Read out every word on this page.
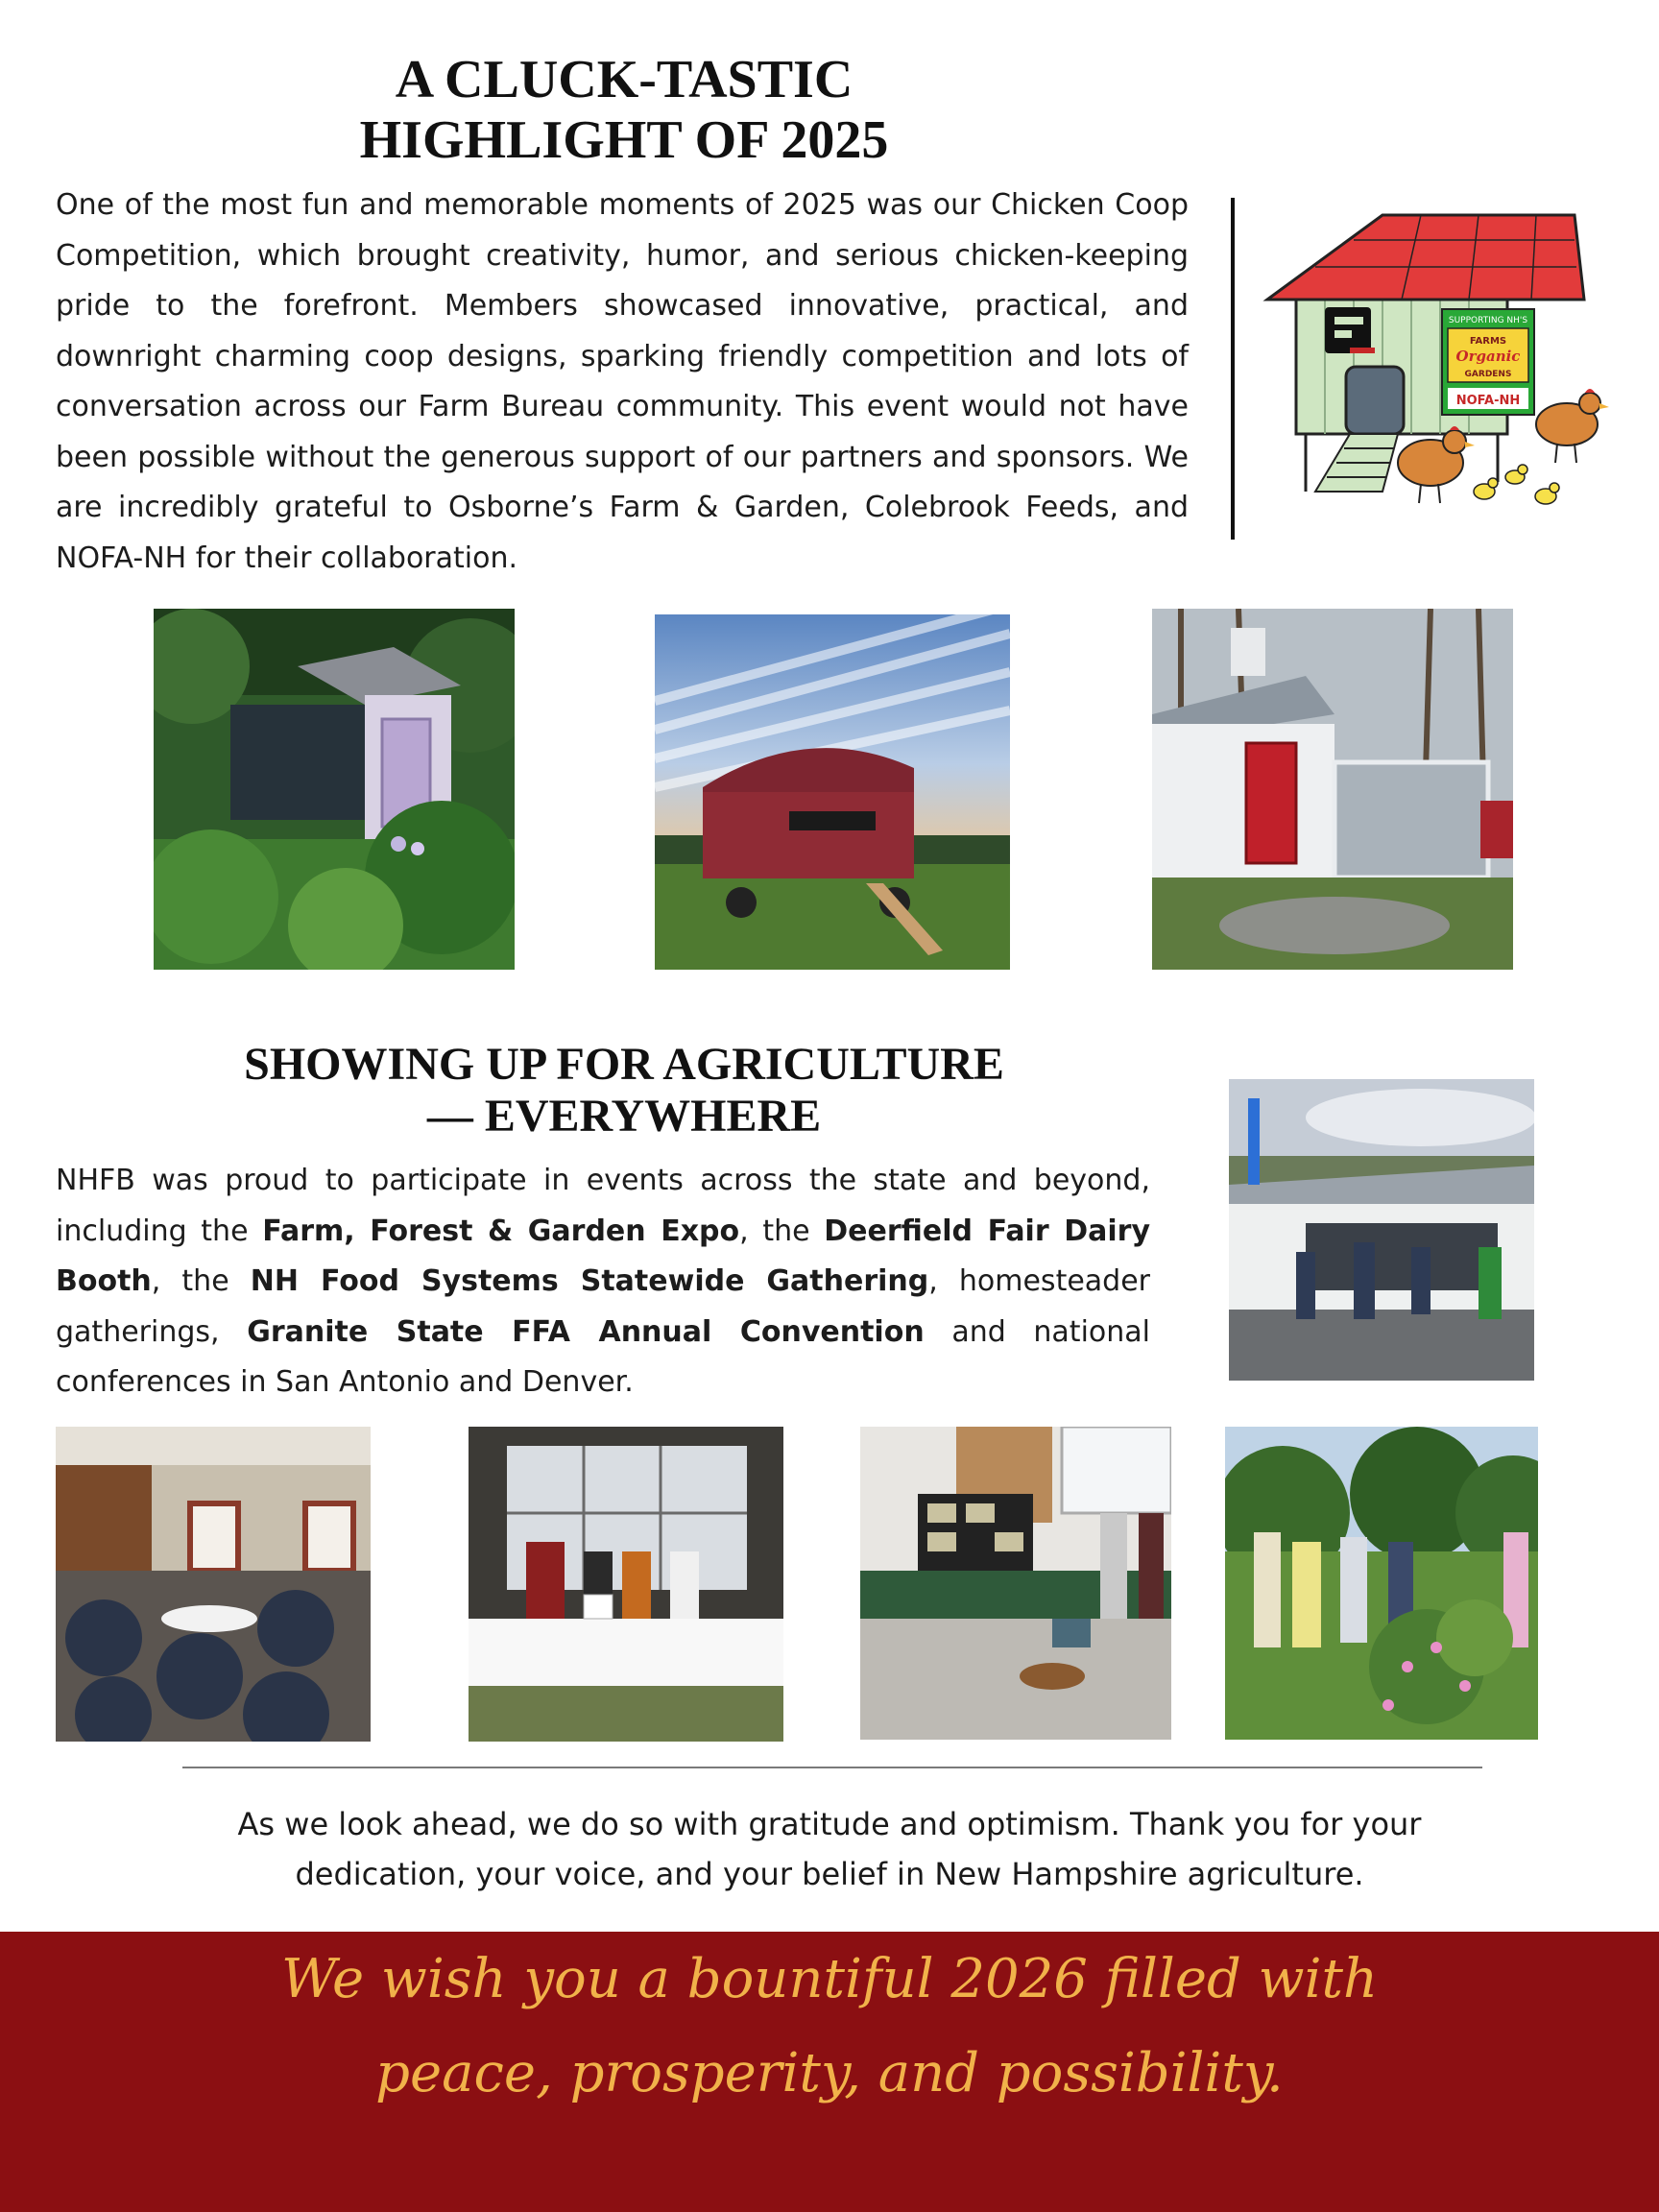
A CLUCK-TASTIC
HIGHLIGHT OF 2025

One of the most fun and memorable moments of 2025 was our Chicken Coop Competition, which brought creativity, humor, and serious chicken-keeping pride to the forefront. Members showcased innovative, practical, and downright charming coop designs, sparking friendly competition and lots of conversation across our Farm Bureau community. This event would not have been possible without the generous support of our partners and sponsors. We are incredibly grateful to Osborne’s Farm & Garden, Colebrook Feeds, and NOFA-NH for their collaboration.

SUPPORTING NH'S
FARMS
Organic
GARDENS
NOFA-NH
SHOWING UP FOR AGRICULTURE
— EVERYWHERE

NHFB was proud to participate in events across the state and beyond, including the Farm, Forest & Garden Expo, the Deerfield Fair Dairy Booth, the NH Food Systems Statewide Gathering, homesteader gatherings, Granite State FFA Annual Convention and national conferences in San Antonio and Denver.

As we look ahead, we do so with gratitude and optimism. Thank you for your
dedication, your voice, and your belief in New Hampshire agriculture.

We wish you a bountiful 2026 filled with
peace, prosperity, and possibility.
